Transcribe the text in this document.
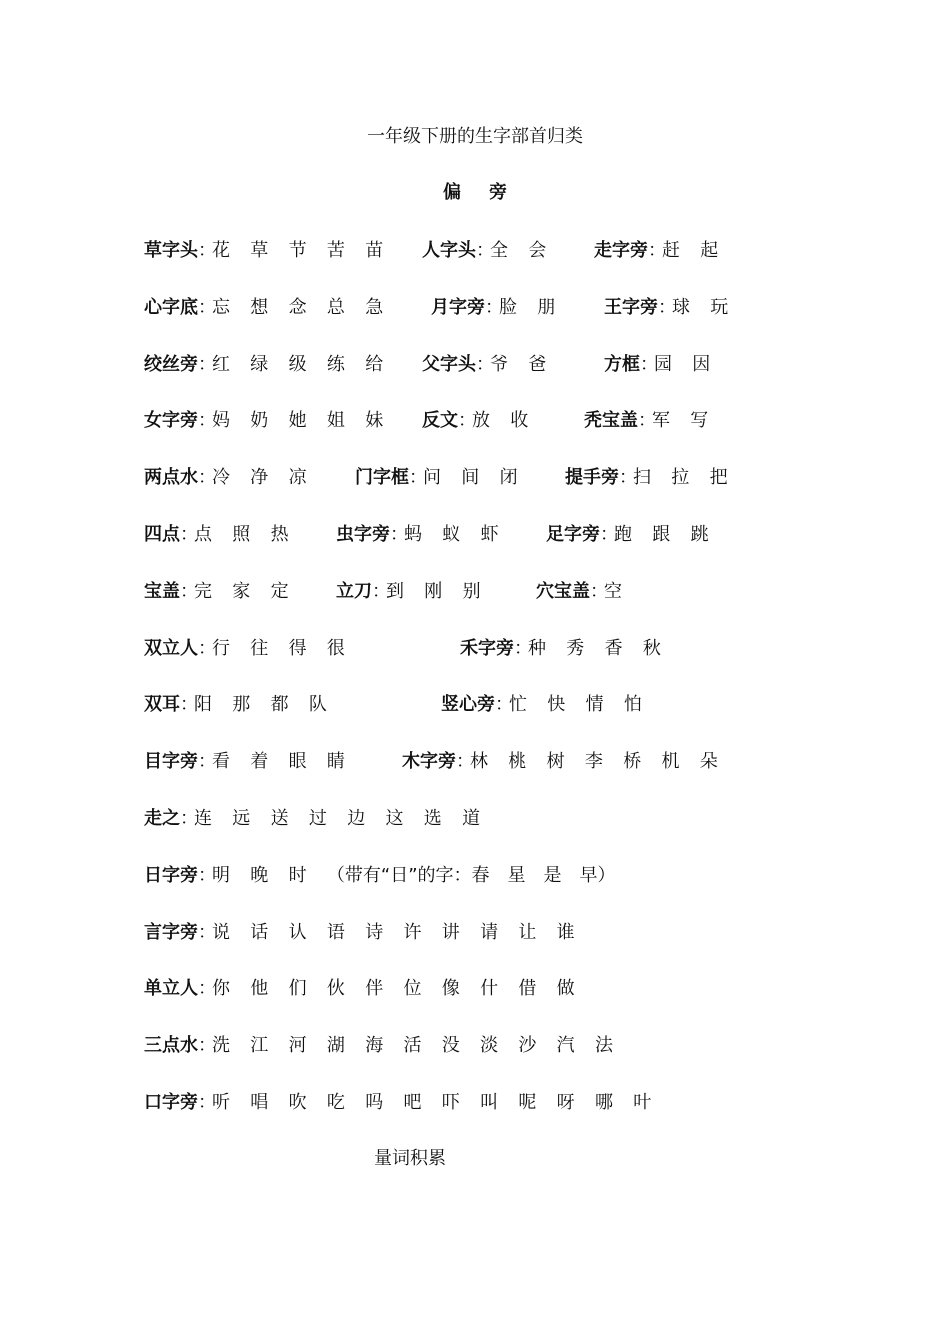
一年级下册的生字部首归类
偏旁
草字头：花 草 节 苦 苗 人字头：全 会	走字旁：赶 起
心字底：忘 想 念 总 急	月字旁：脸 朋	王字旁：球 玩
绞丝旁：红 绿 级 练 给 父字头：爷 爸	方框：园 因
女字旁：妈 奶 她 姐 妹 反文：放 收	秃宝盖：军 写
两点水：冷 净 凉	门字框：问 间 闭	提手旁：扫 拉 把
四点：点 照 热	虫字旁：蚂 蚁 虾	足字旁：跑 跟 跳
宝盖：完 家 定	立刀：到 刚 别	穴宝盖：空
双立人：行 往 得 很	禾字旁：种 秀 香 秋
双耳：阳 那 都 队	竖心旁：忙 快 情 怕
目字旁：看 着 眼 睛	木字旁：林 桃 树 李 桥 机 朵
走之：连 远 送 过 边 这 选 道
日字旁：明 晚 时 （带有“日”的字：春　星　是　早）
言字旁：说 话 认 语 诗 许 讲 请 让 谁
单立人：你 他 们 伙 伴 位 像 什 借 做
三点水：洗 江 河 湖 海 活 没 淡 沙 汽 法
口字旁：听 唱 吹 吃 吗 吧 吓 叫 呢 呀 哪 叶
量词积累
